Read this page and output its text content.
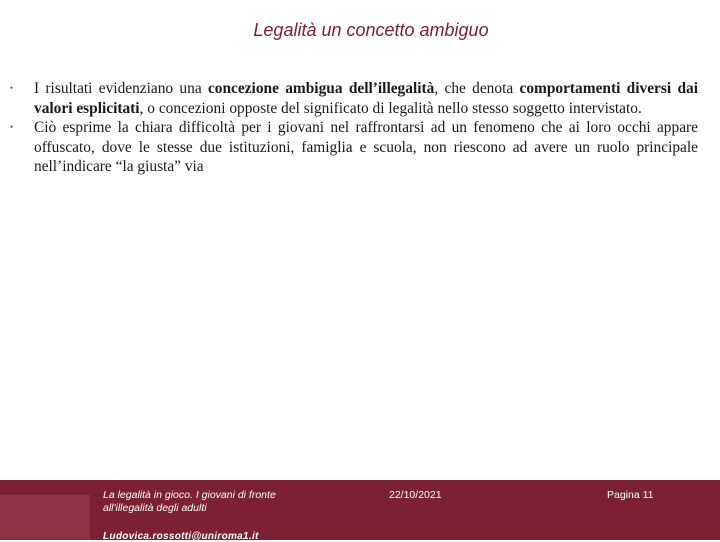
Legalità un concetto ambiguo
•	I risultati evidenziano una concezione ambigua dell’illegalità, che denota comportamenti diversi dai valori esplicitati, o concezioni opposte del significato di legalità nello stesso soggetto intervistato.
•	Ciò esprime la chiara difficoltà per i giovani nel raffrontarsi ad un fenomeno che ai loro occhi appare offuscato, dove le stesse due istituzioni, famiglia e scuola, non riescono ad avere un ruolo principale nell’indicare “la giusta” via
La legalità in gioco. I giovani di fronte all'illegalità degli adulti
Ludovica.rossotti@uniroma1.it
22/10/2021	Pagina 11
